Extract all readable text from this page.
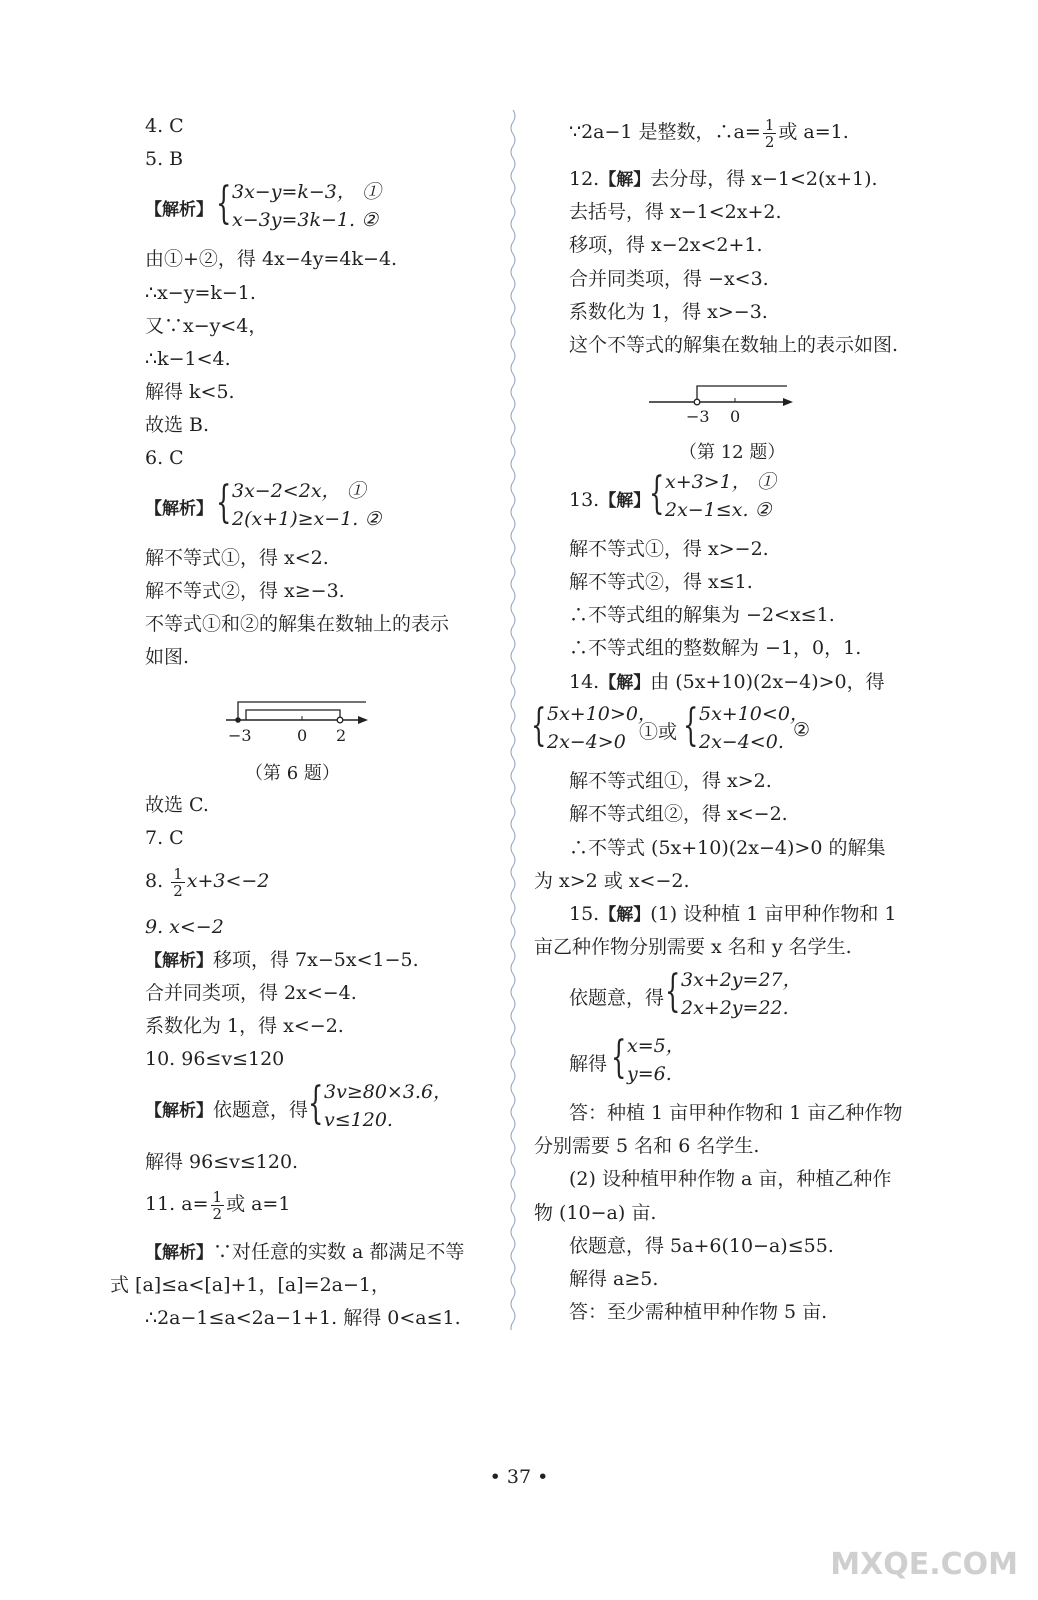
4. C
5. B
【解析】 { 3x−y=k−3， ①
x−3y=3k−1. ②
由①+②，得 4x−4y=4k−4.
∴x−y=k−1.
又∵x−y<4，
∴k−1<4.
解得 k<5.
故选 B.
6. C
【解析】 { 3x−2<2x， ①
2(x+1)≥x−1. ②
解不等式①，得 x<2.
解不等式②，得 x≥−3.
不等式①和②的解集在数轴上的表示
如图.
−3	0 2
（第 6 题）
故选 C.
7. C
8. $\frac{1}{2} x+3<-2$
9. x<−2
【解析】移项，得 7x−5x<1−5.
合并同类项，得 2x<−4.
系数化为 1，得 x<−2.
10. 96≤v≤120
【解析】依题意，得 { 3v≥80×3.6，
v≤120.
解得 96≤v≤120.
11. $a= \frac{1}{2}$ 或 a=1
【解析】∵对任意的实数 a 都满足不等
式 [a]≤a<[a]+1，[a]=2a−1，
∴2a−1≤a<2a−1+1. 解得 0<a≤1.
∵2a−1 是整数，∴a= $\frac{1}{2}$ 或 a=1.
12.【解】去分母，得 x−1<2(x+1).
去括号，得 x−1<2x+2.
移项，得 x−2x<2+1.
合并同类项，得 −x<3.
系数化为 1，得 x>−3.
这个不等式的解集在数轴上的表示如图.
−3 0
（第 12 题）
13.【解】
{ x+3>1， ①
2x−1≤x. ②
解不等式①，得 x>−2.
解不等式②，得 x≤1.
∴不等式组的解集为 −2<x≤1.
∴不等式组的整数解为 −1，0，1.
14.【解】由 (5x+10)(2x−4)>0，得
{ 5x+10>0，
2x−4>0 ①或 { 5x+10<0，
2x−4<0.
②
解不等式组①，得 x>2.
解不等式组②，得 x<−2.
∴不等式 (5x+10)(2x−4)>0 的解集
为 x>2 或 x<−2.
15.【解】(1) 设种植 1 亩甲种作物和 1
亩乙种作物分别需要 x 名和 y 名学生.
依题意，得 { 3x+2y=27，
2x+2y=22.
解得 { x=5，
y=6.
答：种植 1 亩甲种作物和 1 亩乙种作物
分别需要 5 名和 6 名学生.
(2) 设种植甲种作物 a 亩，种植乙种作
物 (10−a) 亩.
依题意，得 5a+6(10−a)≤55.
解得 a≥5.
答：至少需种植甲种作物 5 亩.
• 37 •
MXQE.COM
